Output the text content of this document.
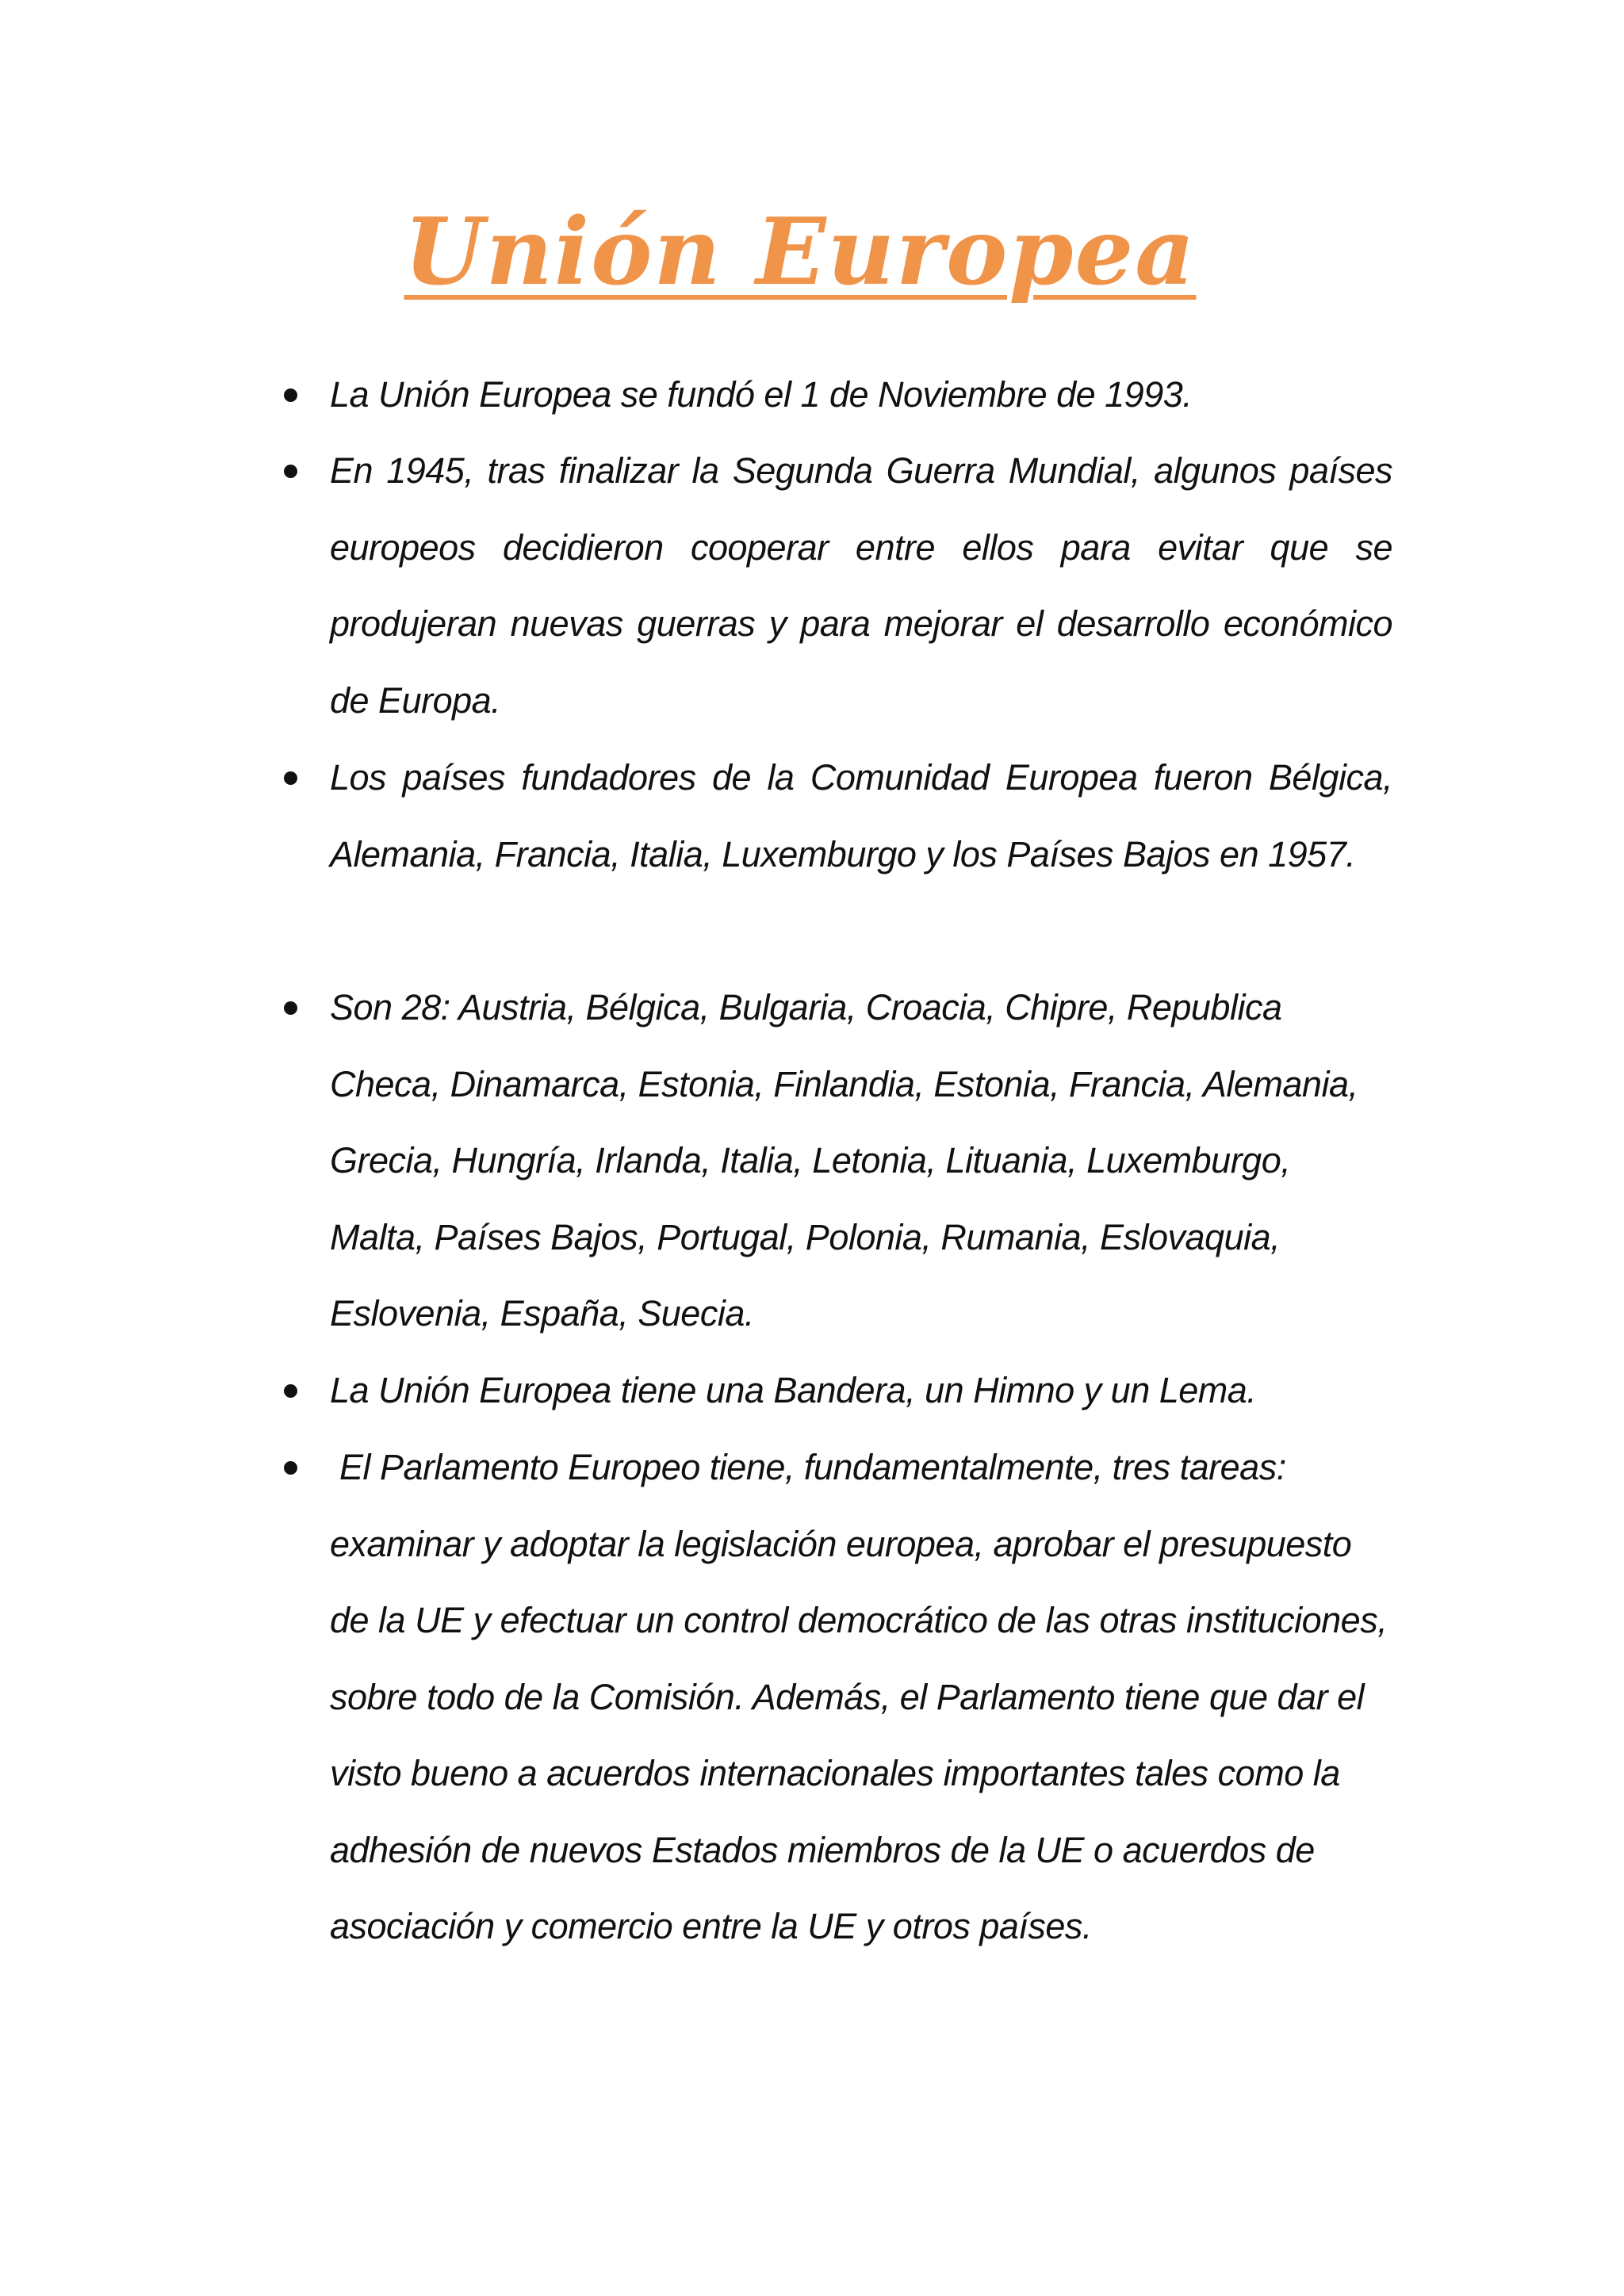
Unión Europea
La Unión Europea se fundó el 1 de Noviembre de 1993.
En 1945, tras finalizar la Segunda Guerra Mundial, algunos países europeos decidieron cooperar entre ellos para evitar que se produjeran nuevas guerras y para mejorar el desarrollo económico de Europa.
Los países fundadores de la Comunidad Europea fueron Bélgica, Alemania, Francia, Italia, Luxemburgo y los Países Bajos en 1957.
Son 28: Austria, Bélgica, Bulgaria, Croacia, Chipre, Republica Checa, Dinamarca, Estonia, Finlandia, Estonia, Francia, Alemania, Grecia, Hungría, Irlanda, Italia, Letonia, Lituania, Luxemburgo, Malta, Países Bajos, Portugal, Polonia, Rumania, Eslovaquia, Eslovenia, España, Suecia.
La Unión Europea tiene una Bandera, un Himno y un Lema.
El Parlamento Europeo tiene, fundamentalmente, tres tareas: examinar y adoptar la legislación europea, aprobar el presupuesto de la UE y efectuar un control democrático de las otras instituciones, sobre todo de la Comisión. Además, el Parlamento tiene que dar el visto bueno a acuerdos internacionales importantes tales como la adhesión de nuevos Estados miembros de la UE o acuerdos de asociación y comercio entre la UE y otros países.
